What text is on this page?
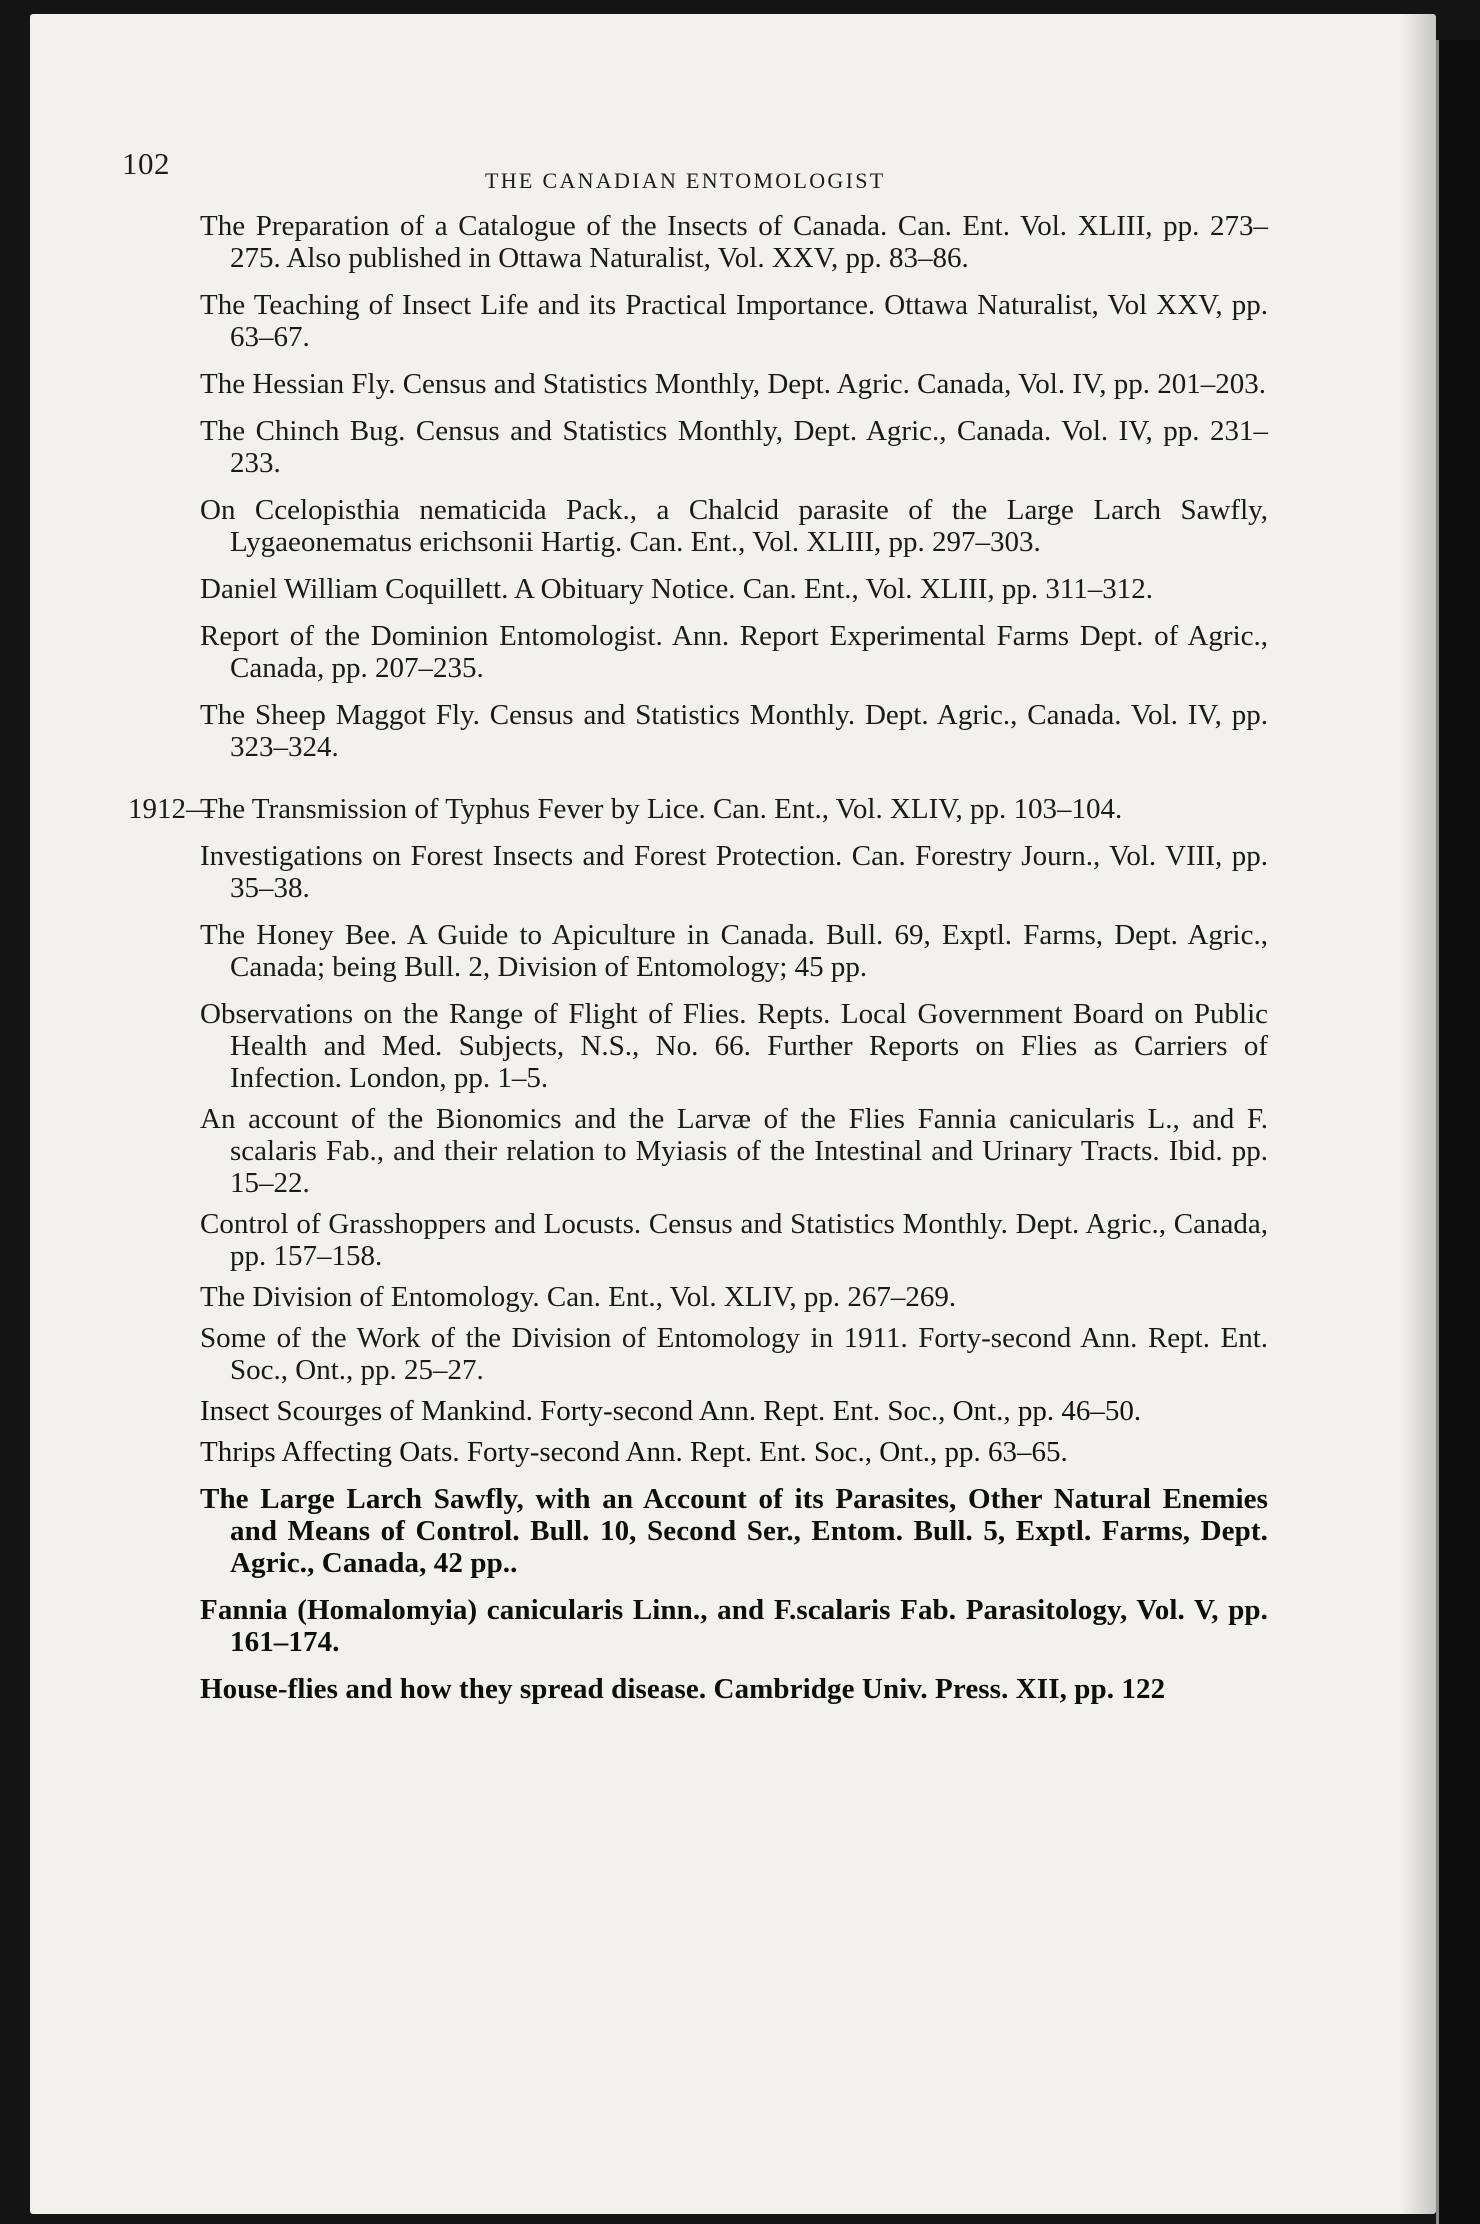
102	THE CANADIAN ENTOMOLOGIST

The Preparation of a Catalogue of the Insects of Canada. Can. Ent. Vol. XLIII, pp. 273–275. Also published in Ottawa Naturalist, Vol. XXV, pp. 83–86.

The Teaching of Insect Life and its Practical Importance. Ottawa Naturalist, Vol XXV, pp. 63–67.

The Hessian Fly. Census and Statistics Monthly, Dept. Agric. Canada, Vol. IV, pp. 201–203.

The Chinch Bug. Census and Statistics Monthly, Dept. Agric., Canada. Vol. IV, pp. 231–233.

On Ccelopisthia nematicida Pack., a Chalcid parasite of the Large Larch Sawfly, Lygaeonematus erichsonii Hartig. Can. Ent., Vol. XLIII, pp. 297–303.

Daniel William Coquillett. A Obituary Notice. Can. Ent., Vol. XLIII, pp. 311–312.

Report of the Dominion Entomologist. Ann. Report Experimental Farms Dept. of Agric., Canada, pp. 207–235.

The Sheep Maggot Fly. Census and Statistics Monthly. Dept. Agric., Canada. Vol. IV, pp. 323–324.

1912—
The Transmission of Typhus Fever by Lice. Can. Ent., Vol. XLIV, pp. 103–104.

Investigations on Forest Insects and Forest Protection. Can. Forestry Journ., Vol. VIII, pp. 35–38.

The Honey Bee. A Guide to Apiculture in Canada. Bull. 69, Exptl. Farms, Dept. Agric., Canada; being Bull. 2, Division of Entomology; 45 pp.

Observations on the Range of Flight of Flies. Repts. Local Government Board on Public Health and Med. Subjects, N.S., No. 66. Further Reports on Flies as Carriers of Infection. London, pp. 1–5.

An account of the Bionomics and the Larvæ of the Flies Fannia canicularis L., and F. scalaris Fab., and their relation to Myiasis of the Intestinal and Urinary Tracts. Ibid. pp. 15–22.

Control of Grasshoppers and Locusts. Census and Statistics Monthly. Dept. Agric., Canada, pp. 157–158.

The Division of Entomology. Can. Ent., Vol. XLIV, pp. 267–269.

Some of the Work of the Division of Entomology in 1911. Forty-second Ann. Rept. Ent. Soc., Ont., pp. 25–27.

Insect Scourges of Mankind. Forty-second Ann. Rept. Ent. Soc., Ont., pp. 46–50.

Thrips Affecting Oats. Forty-second Ann. Rept. Ent. Soc., Ont., pp. 63–65.

The Large Larch Sawfly, with an Account of its Parasites, Other Natural Enemies and Means of Control. Bull. 10, Second Ser., Entom. Bull. 5, Exptl. Farms, Dept. Agric., Canada, 42 pp..

Fannia (Homalomyia) canicularis Linn., and F.scalaris Fab. Parasitology, Vol. V, pp. 161–174.

House-flies and how they spread disease. Cambridge Univ. Press. XII, pp. 122
